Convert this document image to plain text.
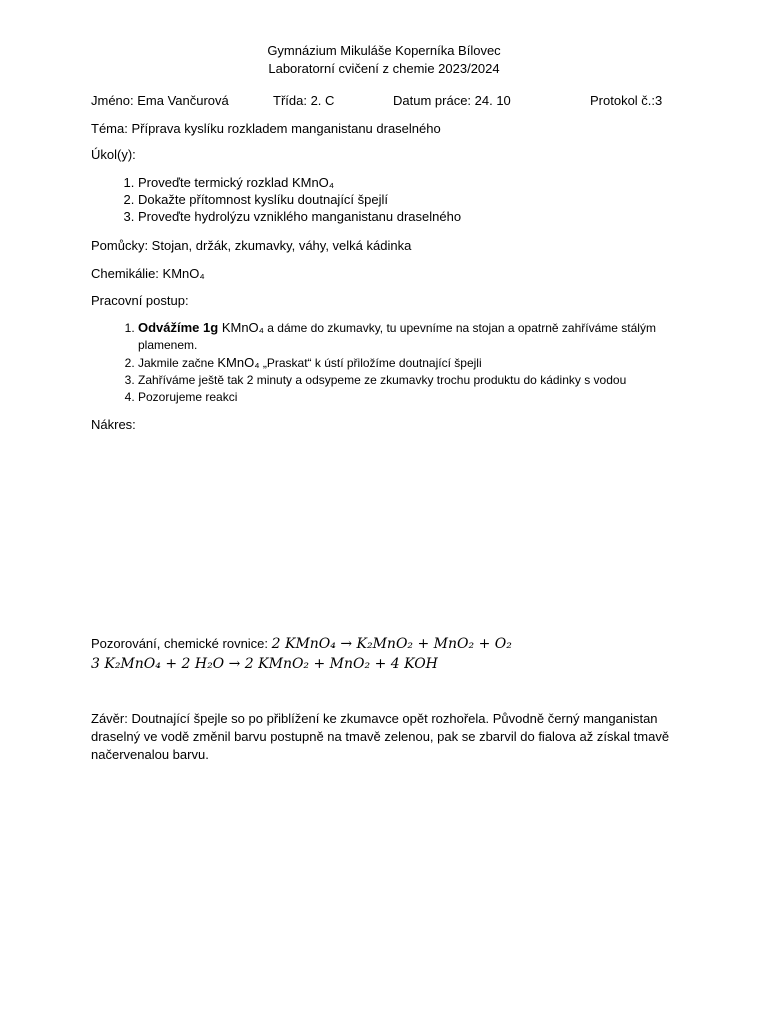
Gymnázium Mikuláše Koperníka Bílovec
Laboratorní cvičení z chemie 2023/2024
Jméno: Ema Vančurová	Třída: 2. C	Datum práce: 24. 10	Protokol č.:3
Téma: Příprava kyslíku rozkladem manganistanu draselného
Úkol(y):
1. Proveďte termický rozklad KMnO₄
2. Dokažte přítomnost kyslíku doutnající špejlí
3. Proveďte hydrolýzu vzniklého manganistanu draselného
Pomůcky: Stojan, držák, zkumavky, váhy, velká kádinka
Chemikálie: KMnO₄
Pracovní postup:
1. Odvážíme 1g KMnO₄ a dáme do zkumavky, tu upevníme na stojan a opatrně zahříváme stálým plamenem.
2. Jakmile začne KMnO₄ „Praskat“ k ústí přiložíme doutnající špejli
3. Zahříváme ještě tak 2 minuty a odsypeme ze zkumavky trochu produktu do kádinky s vodou
4. Pozorujeme reakci
Nákres:
Pozorování, chemické rovnice: 2 KMnO₄ → K₂MnO₂ + MnO₂ + O₂
3 K₂MnO₄ + 2 H₂O → 2 KMnO₂ + MnO₂ + 4 KOH
Závěr: Doutnající špejle so po přiblížení ke zkumavce opět rozhořela. Původně černý manganistan draselný ve vodě změnil barvu postupně na tmavě zelenou, pak se zbarvil do fialova až získal tmavě načervenalou barvu.
